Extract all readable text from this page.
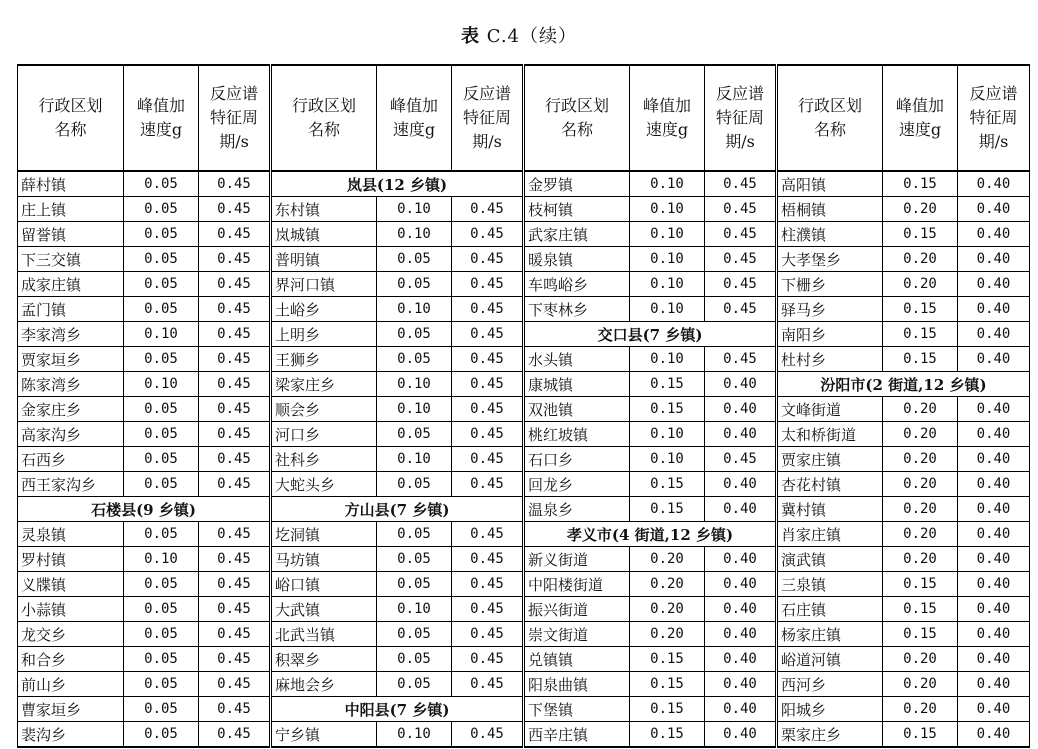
表 C.4（续）
行政区划名称	峰值加速度g	反应谱特征周期/s	行政区划名称	峰值加速度g	反应谱特征周期/s	行政区划名称	峰值加速度g	反应谱特征周期/s	行政区划名称	峰值加速度g	反应谱特征周期/s
薛村镇	0.05	0.45	岚县(12 乡镇)			金罗镇	0.10	0.45	高阳镇	0.15	0.40
庄上镇	0.05	0.45	东村镇	0.10	0.45	枝柯镇	0.10	0.45	梧桐镇	0.20	0.40
留誉镇	0.05	0.45	岚城镇	0.10	0.45	武家庄镇	0.10	0.45	柱濮镇	0.15	0.40
下三交镇	0.05	0.45	普明镇	0.05	0.45	暖泉镇	0.10	0.45	大孝堡乡	0.20	0.40
成家庄镇	0.05	0.45	界河口镇	0.05	0.45	车鸣峪乡	0.10	0.45	下栅乡	0.20	0.40
孟门镇	0.05	0.45	土峪乡	0.10	0.45	下枣林乡	0.10	0.45	驿马乡	0.15	0.40
李家湾乡	0.10	0.45	上明乡	0.05	0.45	交口县(7 乡镇)			南阳乡	0.15	0.40
贾家垣乡	0.05	0.45	王狮乡	0.05	0.45	水头镇	0.10	0.45	杜村乡	0.15	0.40
陈家湾乡	0.10	0.45	梁家庄乡	0.10	0.45	康城镇	0.15	0.40	汾阳市(2 街道,12 乡镇)		
金家庄乡	0.05	0.45	顺会乡	0.10	0.45	双池镇	0.15	0.40	文峰街道	0.20	0.40
高家沟乡	0.05	0.45	河口乡	0.05	0.45	桃红坡镇	0.10	0.40	太和桥街道	0.20	0.40
石西乡	0.05	0.45	社科乡	0.10	0.45	石口乡	0.10	0.45	贾家庄镇	0.20	0.40
西王家沟乡	0.05	0.45	大蛇头乡	0.05	0.45	回龙乡	0.15	0.40	杏花村镇	0.20	0.40
石楼县(9 乡镇)			方山县(7 乡镇)			温泉乡	0.15	0.40	冀村镇	0.20	0.40
灵泉镇	0.05	0.45	圪洞镇	0.05	0.45	孝义市(4 街道,12 乡镇)			肖家庄镇	0.20	0.40
罗村镇	0.10	0.45	马坊镇	0.05	0.45	新义街道	0.20	0.40	演武镇	0.20	0.40
义牒镇	0.05	0.45	峪口镇	0.05	0.45	中阳楼街道	0.20	0.40	三泉镇	0.15	0.40
小蒜镇	0.05	0.45	大武镇	0.10	0.45	振兴街道	0.20	0.40	石庄镇	0.15	0.40
龙交乡	0.05	0.45	北武当镇	0.05	0.45	崇文街道	0.20	0.40	杨家庄镇	0.15	0.40
和合乡	0.05	0.45	积翠乡	0.05	0.45	兑镇镇	0.15	0.40	峪道河镇	0.20	0.40
前山乡	0.05	0.45	麻地会乡	0.05	0.45	阳泉曲镇	0.15	0.40	西河乡	0.20	0.40
曹家垣乡	0.05	0.45	中阳县(7 乡镇)			下堡镇	0.15	0.40	阳城乡	0.20	0.40
裴沟乡	0.05	0.45	宁乡镇	0.10	0.45	西辛庄镇	0.15	0.40	栗家庄乡	0.15	0.40
